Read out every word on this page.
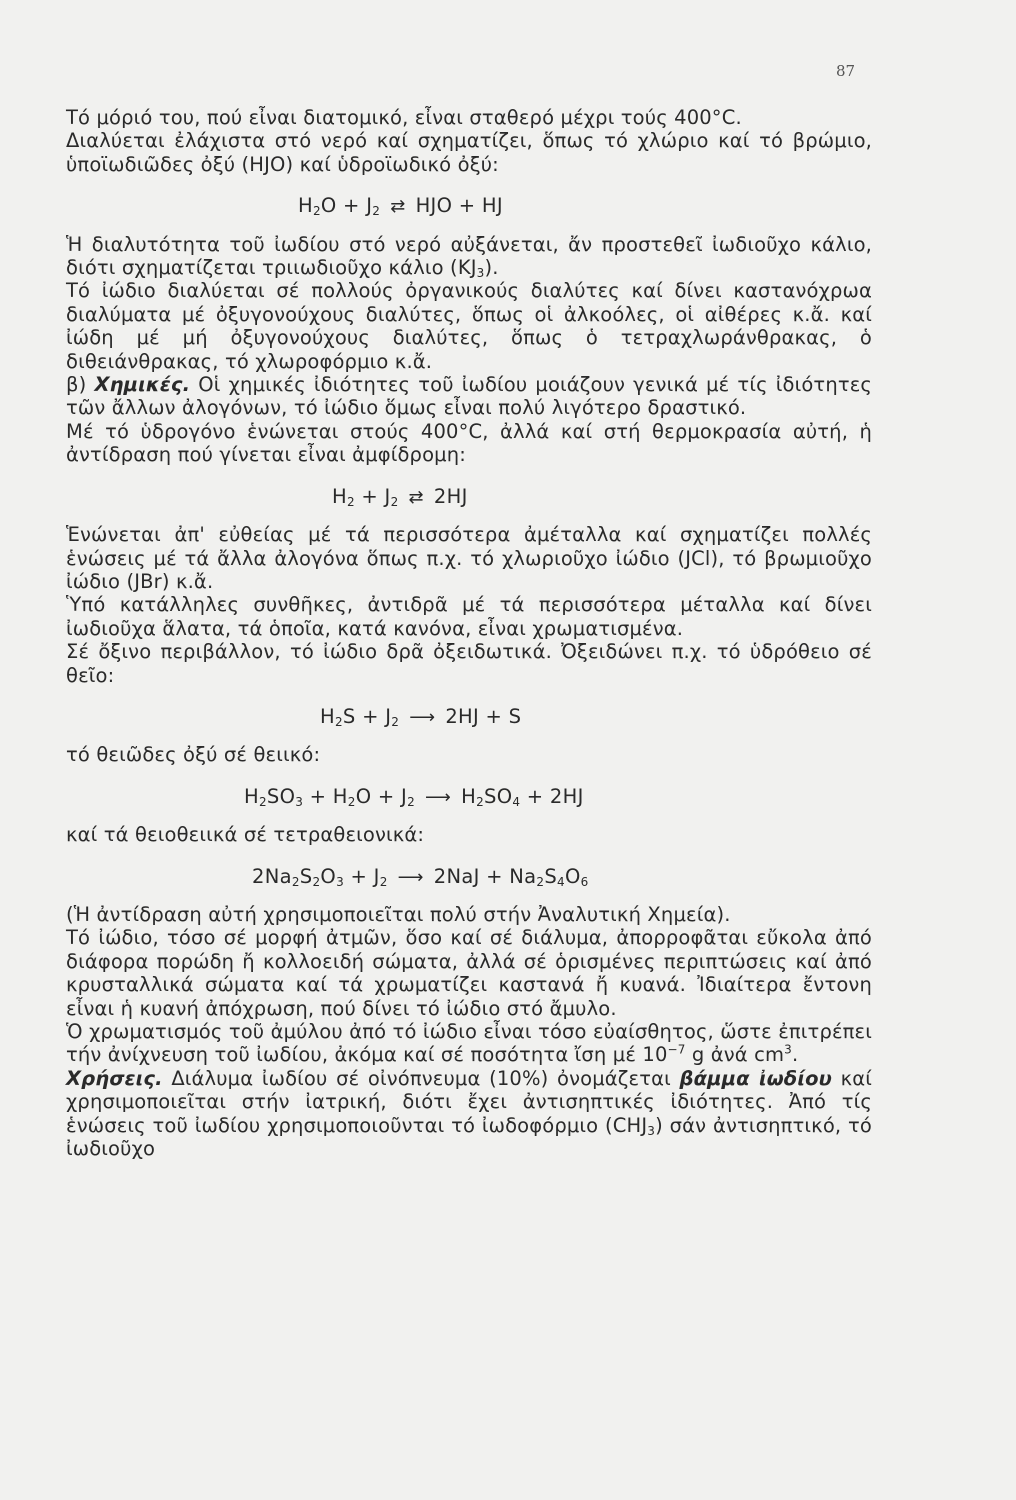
87

Τό μόριό του, πού εἶναι διατομικό, εἶναι σταθερό μέχρι τούς 400°C.

Διαλύεται ἐλάχιστα στό νερό καί σχηματίζει, ὅπως τό χλώριο καί τό βρώμιο, ὑποϊωδιῶδες ὀξύ (HJO) καί ὑδροϊωδικό ὀξύ:

$H_2O + J_2$ ⇄ HJO + HJ

Ἡ διαλυτότητα τοῦ ἰωδίου στό νερό αὐξάνεται, ἄν προστεθεῖ ἰωδιοῦχο κάλιο, διότι σχηματίζεται τριιωδιοῦχο κάλιο $(KJ_3)$.

Τό ἰώδιο διαλύεται σέ πολλούς ὀργανικούς διαλύτες καί δίνει καστανόχρωα διαλύματα μέ ὀξυγονούχους διαλύτες, ὅπως οἱ ἀλκοόλες, οἱ αἰθέρες κ.ἄ. καί ἰώδη μέ μή ὀξυγονούχους διαλύτες, ὅπως ὁ τετραχλωράνθρακας, ὁ διθειάνθρακας, τό χλωροφόρμιο κ.ἄ.

β) Χημικές. Οἱ χημικές ἰδιότητες τοῦ ἰωδίου μοιάζουν γενικά μέ τίς ἰδιότητες τῶν ἄλλων ἀλογόνων, τό ἰώδιο ὅμως εἶναι πολύ λιγότερο δραστικό.

Μέ τό ὑδρογόνο ἑνώνεται στούς 400°C, ἀλλά καί στή θερμοκρασία αὐτή, ἡ ἀντίδραση πού γίνεται εἶναι ἀμφίδρομη:

$H_2 + J_2$ ⇄ 2HJ

Ἑνώνεται ἀπ' εὐθείας μέ τά περισσότερα ἀμέταλλα καί σχηματίζει πολλές ἑνώσεις μέ τά ἄλλα ἀλογόνα ὅπως π.χ. τό χλωριοῦχο ἰώδιο (JCl), τό βρωμιοῦχο ἰώδιο (JBr) κ.ἄ.

Ὑπό κατάλληλες συνθῆκες, ἀντιδρᾶ μέ τά περισσότερα μέταλλα καί δίνει ἰωδιοῦχα ἅλατα, τά ὁποῖα, κατά κανόνα, εἶναι χρωματισμένα.

Σέ ὄξινο περιβάλλον, τό ἰώδιο δρᾶ ὀξειδωτικά. Ὀξειδώνει π.χ. τό ὑδρόθειο σέ θεῖο:

$H_2S + J_2$ ⟶ 2HJ + S

τό θειῶδες ὀξύ σέ θειικό:

$H_2SO_3 + H_2O + J_2$ ⟶ $H_2SO_4 + 2HJ$

καί τά θειοθειικά σέ τετραθειονικά:

$2Na_2S_2O_3 + J_2$ ⟶ $2NaJ + Na_2S_4O_6$

(Ἡ ἀντίδραση αὐτή χρησιμοποιεῖται πολύ στήν Ἀναλυτική Χημεία).

Τό ἰώδιο, τόσο σέ μορφή ἀτμῶν, ὅσο καί σέ διάλυμα, ἀπορροφᾶται εὔκολα ἀπό διάφορα πορώδη ἤ κολλοειδή σώματα, ἀλλά σέ ὁρισμένες περιπτώσεις καί ἀπό κρυσταλλικά σώματα καί τά χρωματίζει καστανά ἤ κυανά. Ἰδιαίτερα ἔντονη εἶναι ἡ κυανή ἀπόχρωση, πού δίνει τό ἰώδιο στό ἄμυλο.

Ὁ χρωματισμός τοῦ ἀμύλου ἀπό τό ἰώδιο εἶναι τόσο εὐαίσθητος, ὥστε ἐπιτρέπει τήν ἀνίχνευση τοῦ ἰωδίου, ἀκόμα καί σέ ποσότητα ἴση μέ $10^{-7}$ g ἀνά $cm^3$.

Χρήσεις. Διάλυμα ἰωδίου σέ οἰνόπνευμα (10%) ὀνομάζεται βάμμα ἰωδίου καί χρησιμοποιεῖται στήν ἰατρική, διότι ἔχει ἀντισηπτικές ἰδιότητες. Ἀπό τίς ἑνώσεις τοῦ ἰωδίου χρησιμοποιοῦνται τό ἰωδοφόρμιο $(CHJ_3)$ σάν ἀντισηπτικό, τό ἰωδιοῦχο
